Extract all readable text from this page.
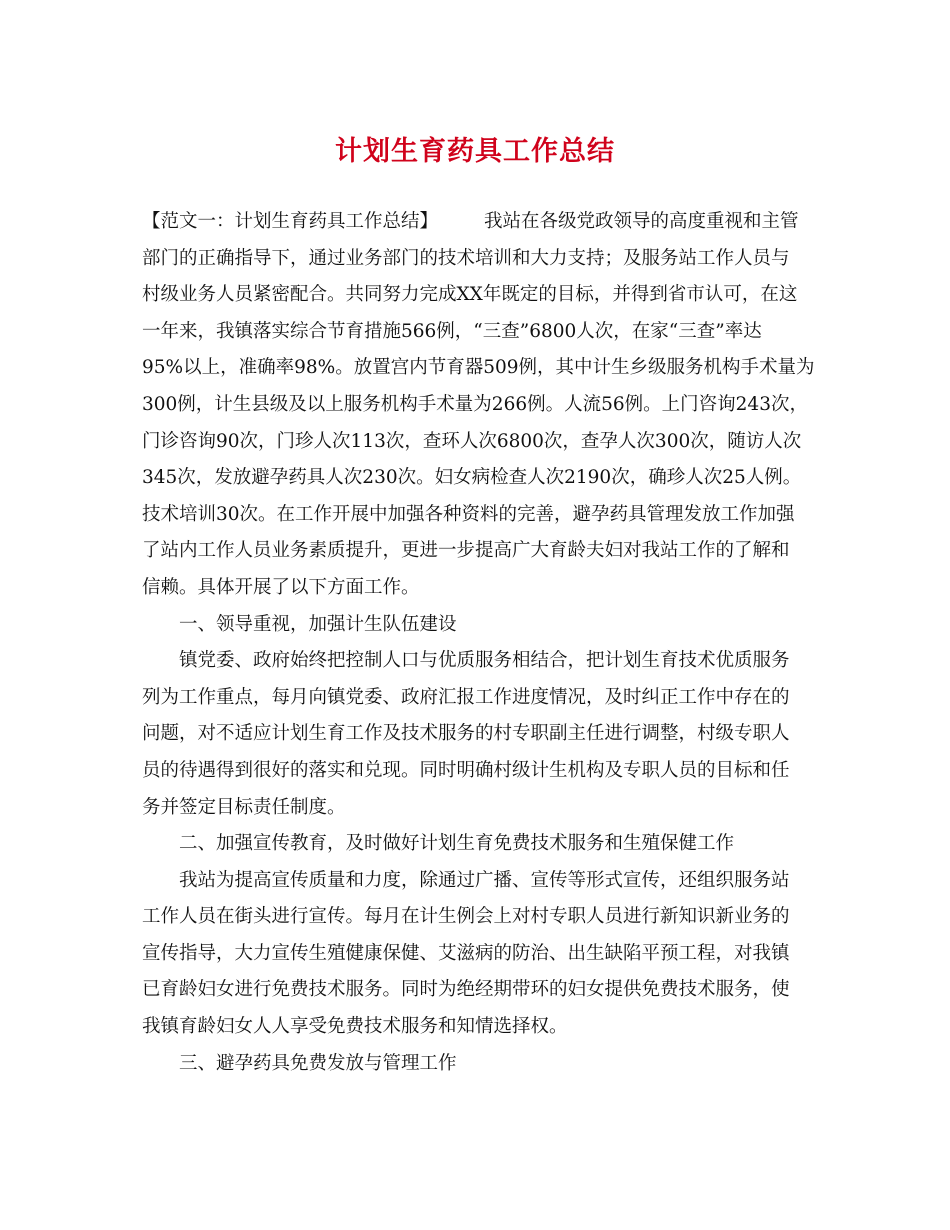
计划生育药具工作总结
【范文一：计划生育药具工作总结】 我站在各级党政领导的高度重视和主管
部门的正确指导下，通过业务部门的技术培训和大力支持；及服务站工作人员与
村级业务人员紧密配合。共同努力完成XX年既定的目标，并得到省市认可，在这
一年来，我镇落实综合节育措施566例，“三查”6800人次，在家“三查”率达
95%以上，准确率98%。放置宫内节育器509例，其中计生乡级服务机构手术量为
300例，计生县级及以上服务机构手术量为266例。人流56例。上门咨询243次，
门诊咨询90次，门珍人次113次，查环人次6800次，查孕人次300次，随访人次
345次，发放避孕药具人次230次。妇女病检查人次2190次，确珍人次25人例。
技术培训30次。在工作开展中加强各种资料的完善，避孕药具管理发放工作加强
了站内工作人员业务素质提升，更进一步提高广大育龄夫妇对我站工作的了解和
信赖。具体开展了以下方面工作。
一、领导重视，加强计生队伍建设
镇党委、政府始终把控制人口与优质服务相结合，把计划生育技术优质服务
列为工作重点，每月向镇党委、政府汇报工作进度情况，及时纠正工作中存在的
问题，对不适应计划生育工作及技术服务的村专职副主任进行调整，村级专职人
员的待遇得到很好的落实和兑现。同时明确村级计生机构及专职人员的目标和任
务并签定目标责任制度。
二、加强宣传教育，及时做好计划生育免费技术服务和生殖保健工作
我站为提高宣传质量和力度，除通过广播、宣传等形式宣传，还组织服务站
工作人员在街头进行宣传。每月在计生例会上对村专职人员进行新知识新业务的
宣传指导，大力宣传生殖健康保健、艾滋病的防治、出生缺陷平预工程，对我镇
已育龄妇女进行免费技术服务。同时为绝经期带环的妇女提供免费技术服务，使
我镇育龄妇女人人享受免费技术服务和知情选择权。
三、避孕药具免费发放与管理工作
